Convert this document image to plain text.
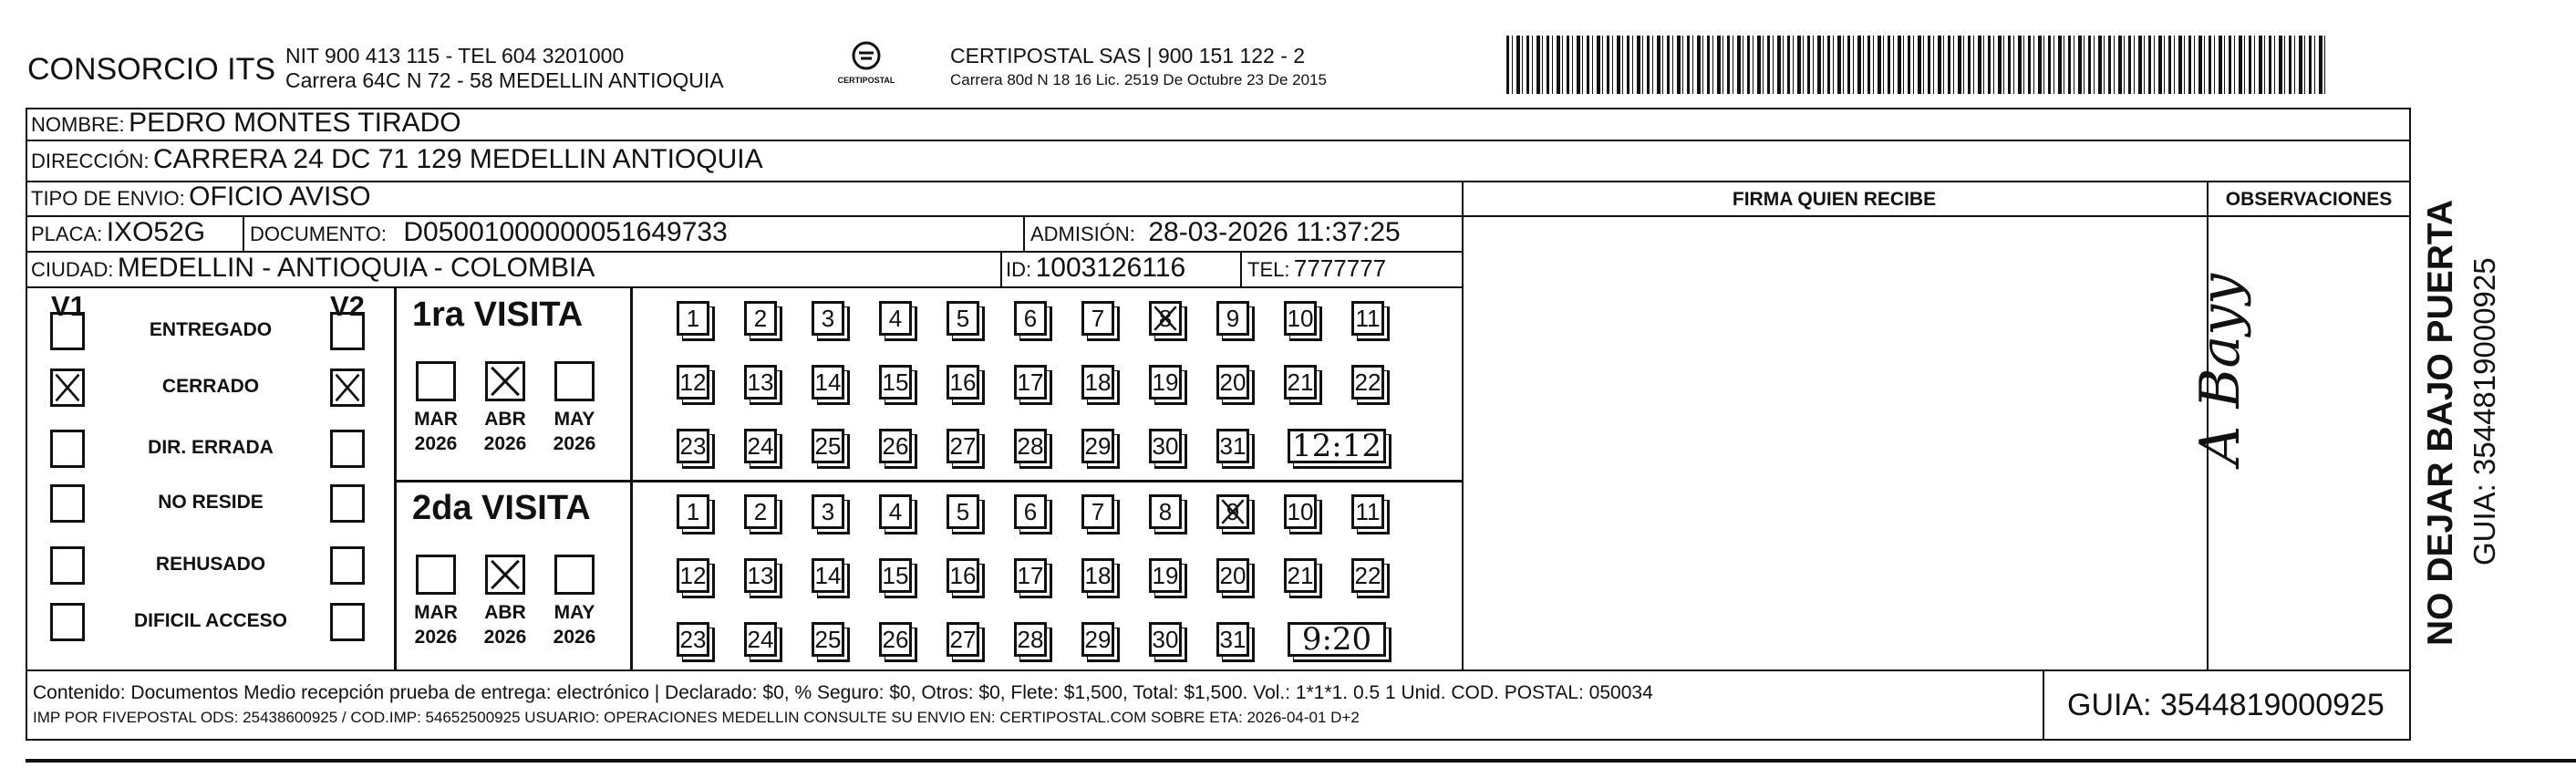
CONSORCIO ITS NIT 900 413 115 - TEL 604 3201000
Carrera 64C N 72 - 58 MEDELLIN ANTIOQUIA	CERTIPOSTAL
CERTIPOSTAL SAS | 900 151 122 - 2
Carrera 80d N 18 16 Lic. 2519 De Octubre 23 De 2015
NOMBRE: PEDRO MONTES TIRADO
DIRECCIÓN: CARRERA 24 DC 71 129 MEDELLIN ANTIOQUIA
TIPO DE ENVIO: OFICIO AVISO
PLACA: IXO52G DOCUMENTO: D05001000000051649733	ADMISIÓN: 28-03-2026 11:37:25
CIUDAD: MEDELLIN - ANTIOQUIA - COLOMBIA	ID: 1003126116	TEL: 7777777
FIRMA QUIEN RECIBE	OBSERVACIONES
A Bayy
V1	V2
ENTREGADO
CERRADO
DIR. ERRADA
NO RESIDE
REHUSADO
DIFICIL ACCESO
1ra VISITA
MAR
2026
ABR
2026
MAY
2026
1 2 3 4 5 6 7 8 9 10 11
12 13 14 15 16 17 18 19 20 21 22
23 24 25 26 27 28 29 30 31 12:12
2da VISITA
MAR
2026
ABR
2026
MAY
2026
1 2 3 4 5 6 7 8 9 10 11
12 13 14 15 16 17 18 19 20 21 22
23 24 25 26 27 28 29 30 31	9:20
Contenido: Documentos Medio recepción prueba de entrega: electrónico | Declarado: $0, % Seguro: $0, Otros: $0, Flete: $1,500, Total: $1,500. Vol.: 1*1*1. 0.5 1 Unid. COD. POSTAL: 050034
IMP POR FIVEPOSTAL ODS: 25438600925 / COD.IMP: 54652500925 USUARIO: OPERACIONES MEDELLIN CONSULTE SU ENVIO EN: CERTIPOSTAL.COM SOBRE ETA: 2026-04-01 D+2	GUIA: 3544819000925
NO DEJAR BAJO PUERTA GUIA: 3544819000925
